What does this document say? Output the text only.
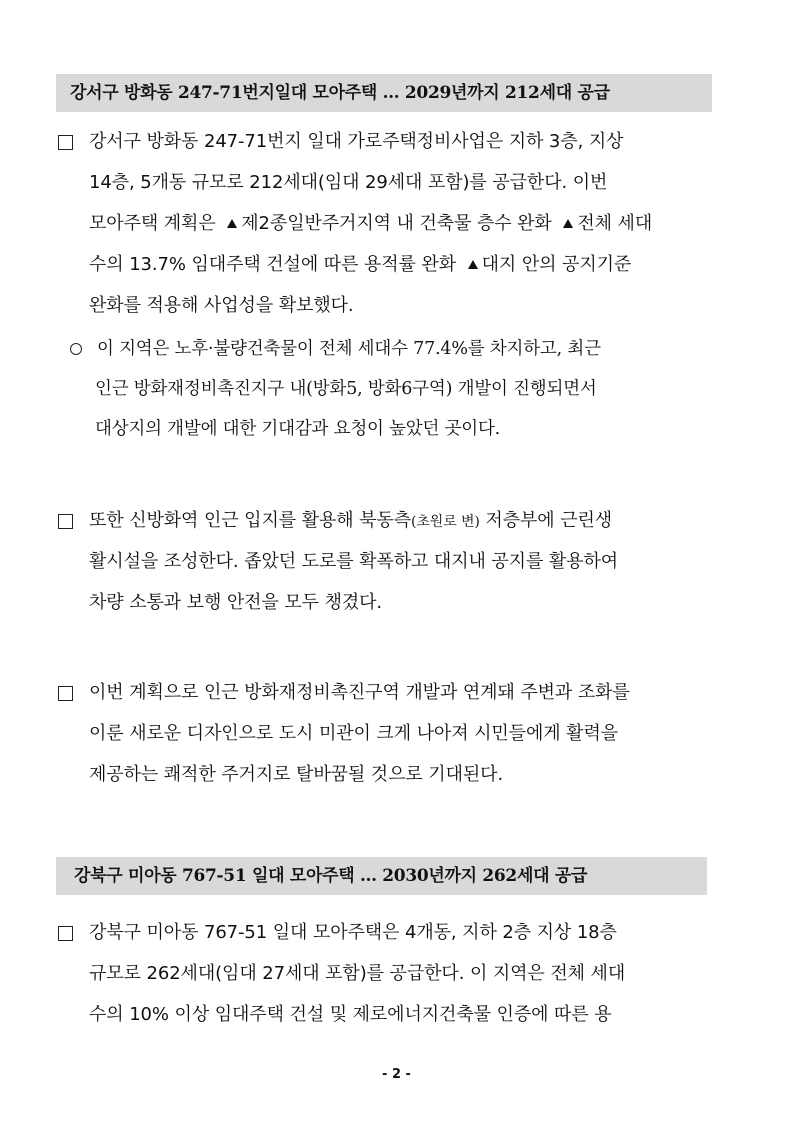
강서구 방화동 247-71번지일대 모아주택 … 2029년까지 212세대 공급
강서구 방화동 247-71번지 일대 가로주택정비사업은 지하 3층, 지상
14층, 5개동 규모로 212세대(임대 29세대 포함)를 공급한다. 이번
모아주택 계획은 제2종일반주거지역 내 건축물 층수 완화 전체 세대
수의 13.7% 임대주택 건설에 따른 용적률 완화 대지 안의 공지기준
완화를 적용해 사업성을 확보했다.
이 지역은 노후·불량건축물이 전체 세대수 77.4%를 차지하고, 최근
인근 방화재정비촉진지구 내(방화5, 방화6구역) 개발이 진행되면서
대상지의 개발에 대한 기대감과 요청이 높았던 곳이다.
또한 신방화역 인근 입지를 활용해 북동측(초원로 변) 저층부에 근린생
활시설을 조성한다. 좁았던 도로를 확폭하고 대지내 공지를 활용하여
차량 소통과 보행 안전을 모두 챙겼다.
이번 계획으로 인근 방화재정비촉진구역 개발과 연계돼 주변과 조화를
이룬 새로운 디자인으로 도시 미관이 크게 나아져 시민들에게 활력을
제공하는 쾌적한 주거지로 탈바꿈될 것으로 기대된다.
강북구 미아동 767-51 일대 모아주택 … 2030년까지 262세대 공급
강북구 미아동 767-51 일대 모아주택은 4개동, 지하 2층 지상 18층
규모로 262세대(임대 27세대 포함)를 공급한다. 이 지역은 전체 세대
수의 10% 이상 임대주택 건설 및 제로에너지건축물 인증에 따른 용
- 2 -
